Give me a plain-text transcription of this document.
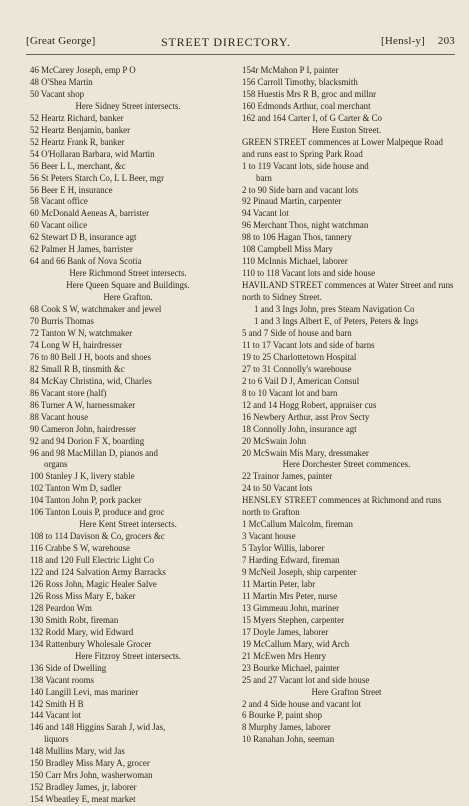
[Great George]	STREET DIRECTORY.	[Hensl-y] 203
46 McCarey Joseph, emp P O
48 O'Shea Martin
50 Vacant shop
Here Sidney Street intersects.
52 Heartz Richard, banker
52 Heartz Benjamin, banker
52 Heartz Frank R, banker
54 O'Hollaran Barbara, wid Martin
56 Beer L L, merchant, &c
56 St Peters Starch Co, L L Beer, mgr
56 Beer E H, insurance
58 Vacant office
60 McDonald Aeneas A, barrister
60 Vacant oilice
62 Stewart D B, insurance agt
62 Palmer H James, barrister
64 and 66 Bank of Nova Scotia
Here Richmond Street intersects.
Here Queen Square and Buildings.
Here Grafton.
68 Cook S W, watchmaker and jewel
70 Burris Thomas
72 Tanton W N, watchmaker
74 Long W H, hairdresser
76 to 80 Bell J H, boots and shoes
82 Small R B, tinsmith &c
84 McKay Christina, wid, Charles
86 Vacant store (half)
86 Turner A W, harnessmaker
88 Vacant house
90 Cameron John, hairdresser
92 and 94 Dorion F X, boarding
96 and 98 MacMillan D, pianos and
organs
100 Stanley J K, livery stable
102 Tanton Wm D, sadler
104 Tanton John P, pork packer
106 Tanton Louis P, produce and groc
Here Kent Street intersects.
108 to 114 Davison & Co, grocers &c
116 Crabbe S W, warehouse
118 and 120 Full Electric Light Co
122 and 124 Salvation Army Barracks
126 Ross John, Magic Healer Salve
126 Ross Miss Mary E, baker
128 Peardon Wm
130 Smith Robt, fireman
132 Rodd Mary, wid Edward
134 Rattenbury Wholesale Grocer
Here Fitzroy Street intersects.
136 Side of Dwelling
138 Vacant rooms
140 Langill Levi, mas mariner
142 Smith H B
144 Vacant lot
146 and 148 Higgins Sarah J, wid Jas,
liquors
148 Mullins Mary, wid Jas
150 Bradley Miss Mary A, grocer
150 Carr Mrs John, washerwoman
152 Bradley James, jr, laborer
154 Wheatley E, meat market
154r McMahon P I, painter
156 Carroll Timothy, blacksmith
158 Huestis Mrs R B, groc and millnr
160 Edmonds Arthur, coal merchant
162 and 164 Carter I, of G Carter & Co
Here Euston Street.
GREEN STREET commences at Lower Malpeque Road and runs east to Spring Park Road
1 to 119 Vacant lots, side house and
barn
2 to 90 Side barn and vacant lots
92 Pinaud Martin, carpenter
94 Vacant lot
96 Merchant Thos, night watchman
98 to 106 Hagan Thos, tannery
108 Campbell Miss Mary
110 McInnis Michael, laborer
110 to 118 Vacant lots and side house
HAVILAND STREET commences at Water Street and runs north to Sidney Street.
1 and 3 Ings John, pres Steam Navigation Co
1 and 3 Ings Albert E, of Peters, Peters & Ings
5 and 7 Side of house and barn
11 to 17 Vacant lots and side of barns
19 to 25 Charlottetown Hospital
27 to 31 Connolly's warehouse
2 to 6 Vail D J, American Consul
8 to 10 Vacant lot and barn
12 and 14 Hogg Robert, appraiser cus
16 Newbery Arthur, asst Prov Secty
18 Connolly John, insurance agt
20 McSwain John
20 McSwain Mis Mary, dressmaker
Here Dorchester Street commences.
22 Trainor James, painter
24 to 50 Vacant lots
HENSLEY STREET commences at Richmond and runs north to Grafton
1 McCallum Malcolm, fireman
3 Vacant house
5 Taylor Willis, laborer
7 Harding Edward, fireman
9 McNeil Joseph, ship carpenter
11 Martin Peter, labr
11 Martin Mrs Peter, nurse
13 Gimmeau John, mariner
15 Myers Stephen, carpenter
17 Doyle James, laborer
19 McCallum Mary, wid Arch
21 McEwen Mrs Henry
23 Bourke Michael, painter
25 and 27 Vacant lot and side house
Here Grafton Street
2 and 4 Side house and vacant lot
6 Bourke P, paint shop
8 Murphy James, laborer
10 Ranahan John, seeman
